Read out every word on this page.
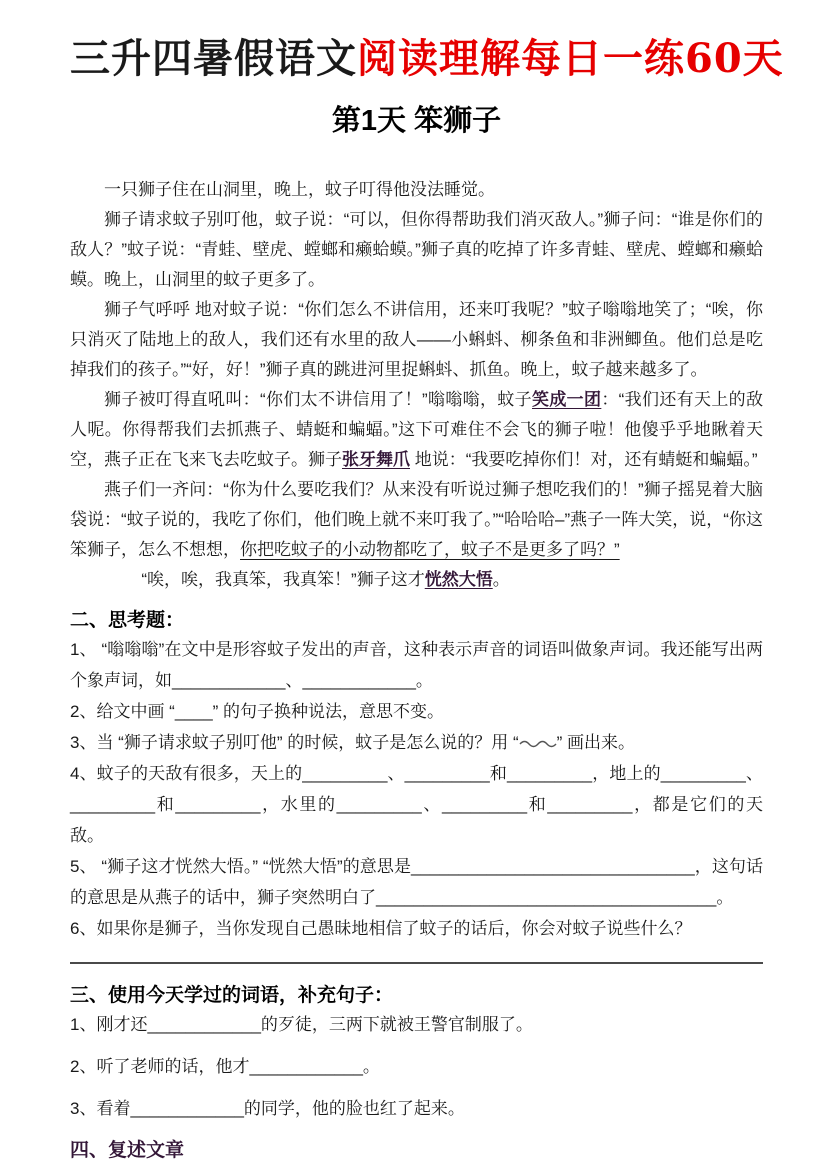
三升四暑假语文阅读理解每日一练60天
第1天 笨狮子

一只狮子住在山洞里，晚上，蚊子叮得他没法睡觉。

狮子请求蚊子别叮他，蚊子说：“可以，但你得帮助我们消灭敌人。”狮子问：“谁是你们的敌人？”蚊子说：“青蛙、壁虎、螳螂和癞蛤蟆。”狮子真的吃掉了许多青蛙、壁虎、螳螂和癞蛤蟆。晚上，山洞里的蚊子更多了。

狮子气呼呼 地对蚊子说：“你们怎么不讲信用，还来叮我呢？”蚊子嗡嗡地笑了；“唉，你只消灭了陆地上的敌人，我们还有水里的敌人——小蝌蚪、柳条鱼和非洲鲫鱼。他们总是吃掉我们的孩子。”“好，好！”狮子真的跳进河里捉蝌蚪、抓鱼。晚上，蚊子越来越多了。

狮子被叮得直吼叫：“你们太不讲信用了！”嗡嗡嗡，蚊子笑成一团：“我们还有天上的敌人呢。你得帮我们去抓燕子、蜻蜓和蝙蝠。”这下可难住不会飞的狮子啦！他傻乎乎地瞅着天空，燕子正在飞来飞去吃蚊子。狮子张牙舞爪 地说：“我要吃掉你们！对，还有蜻蜓和蝙蝠。”

燕子们一齐问：“你为什么要吃我们？从来没有听说过狮子想吃我们的！”狮子摇晃着大脑袋说：“蚊子说的，我吃了你们，他们晚上就不来叮我了。”“哈哈哈–”燕子一阵大笑，说，“你这笨狮子，怎么不想想，你把吃蚊子的小动物都吃了，蚊子不是更多了吗？”

“唉，唉，我真笨，我真笨！”狮子这才恍然大悟。

二、思考题：

1、 “嗡嗡嗡”在文中是形容蚊子发出的声音，这种表示声音的词语叫做象声词。我还能写出两个象声词，如____________、____________。

2、给文中画 “____” 的句子换种说法，意思不变。

3、当 “狮子请求蚊子别叮他” 的时候，蚊子是怎么说的？用 “ ” 画出来。

4、蚊子的天敌有很多，天上的_________、_________和_________，地上的_________、_________和_________，水里的_________、_________和_________，都是它们的天敌。

5、 “狮子这才恍然大悟。” “恍然大悟”的意思是______________________________，这句话的意思是从燕子的话中，狮子突然明白了____________________________________。

6、如果你是狮子，当你发现自己愚昧地相信了蚊子的话后，你会对蚊子说些什么？

三、使用今天学过的词语，补充句子：

1、刚才还____________的歹徒，三两下就被王警官制服了。

2、听了老师的话，他才____________。

3、看着____________的同学，他的脸也红了起来。

四、复述文章
